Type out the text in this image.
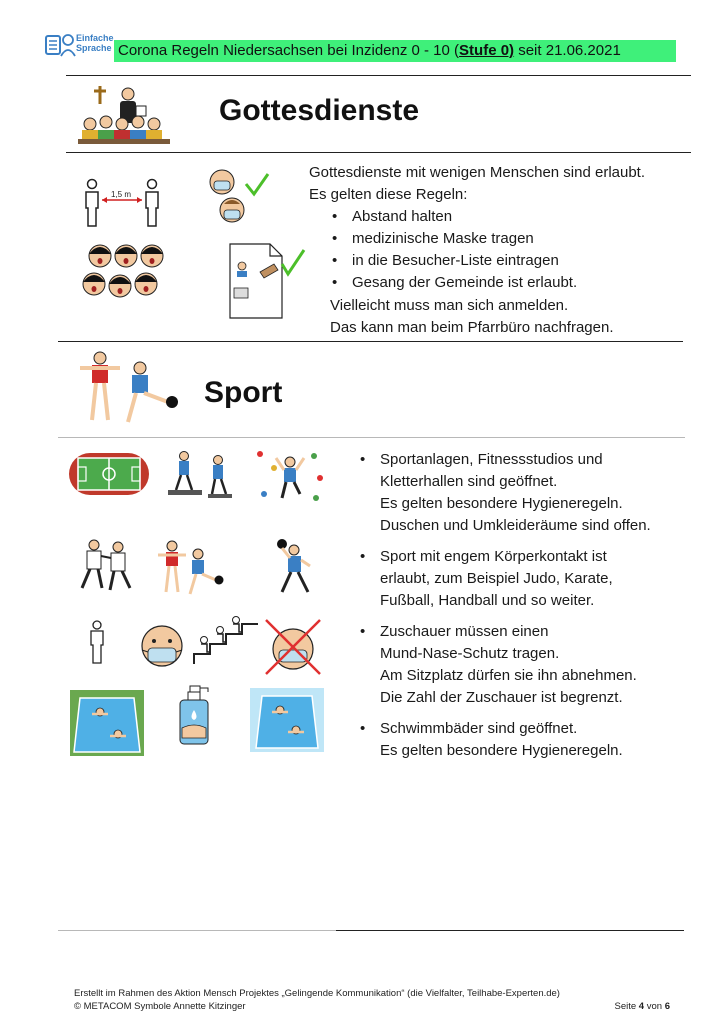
Einfache
Sprache Corona Regeln Niedersachsen bei Inzidenz 0 - 10 (Stufe 0) seit 21.06.2021
Gottesdienste
1,5 m
Gottesdienste mit wenigen Menschen sind erlaubt.
Es gelten diese Regeln:
• Abstand halten
• medizinische Maske tragen
• in die Besucher-Liste eintragen
• Gesang der Gemeinde ist erlaubt.
Vielleicht muss man sich anmelden.
Das kann man beim Pfarrbüro nachfragen.
Sport
• Sportanlagen, Fitnessstudios und
Kletterhallen sind geöffnet.
Es gelten besondere Hygieneregeln.
Duschen und Umkleideräume sind offen.
• Sport mit engem Körperkontakt ist
erlaubt, zum Beispiel Judo, Karate,
Fußball, Handball und so weiter.
• Zuschauer müssen einen
Mund-Nase-Schutz tragen.
Am Sitzplatz dürfen sie ihn abnehmen.
Die Zahl der Zuschauer ist begrenzt.
• Schwimmbäder sind geöffnet.
Es gelten besondere Hygieneregeln.
Erstellt im Rahmen des Aktion Mensch Projektes „Gelingende Kommunikation“ (die Vielfalter, Teilhabe-Experten.de)
© METACOM Symbole Annette Kitzinger	Seite 4 von 6
